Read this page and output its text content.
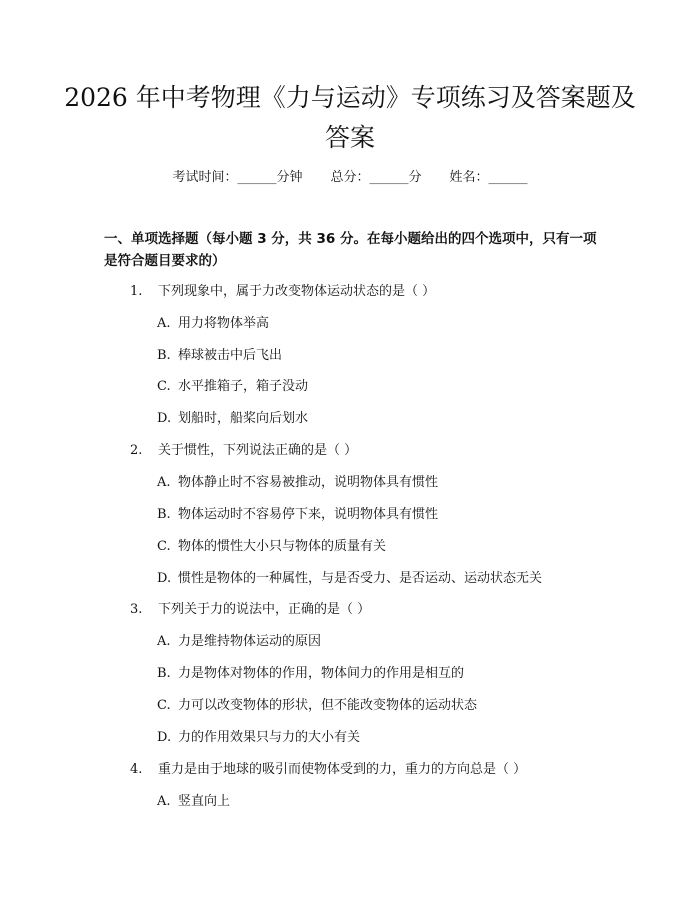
2026 年中考物理《力与运动》专项练习及答案题及答案
考试时间：______分钟 总分：______分 姓名：______
一、单项选择题（每小题 3 分，共 36 分。在每小题给出的四个选项中，只有一项是符合题目要求的）
1. 下列现象中，属于力改变物体运动状态的是（ ）
A. 用力将物体举高
B. 棒球被击中后飞出
C. 水平推箱子，箱子没动
D. 划船时，船桨向后划水
2. 关于惯性，下列说法正确的是（ ）
A. 物体静止时不容易被推动，说明物体具有惯性
B. 物体运动时不容易停下来，说明物体具有惯性
C. 物体的惯性大小只与物体的质量有关
D. 惯性是物体的一种属性，与是否受力、是否运动、运动状态无关
3. 下列关于力的说法中，正确的是（ ）
A. 力是维持物体运动的原因
B. 力是物体对物体的作用，物体间力的作用是相互的
C. 力可以改变物体的形状，但不能改变物体的运动状态
D. 力的作用效果只与力的大小有关
4. 重力是由于地球的吸引而使物体受到的力，重力的方向总是（ ）
A. 竖直向上
